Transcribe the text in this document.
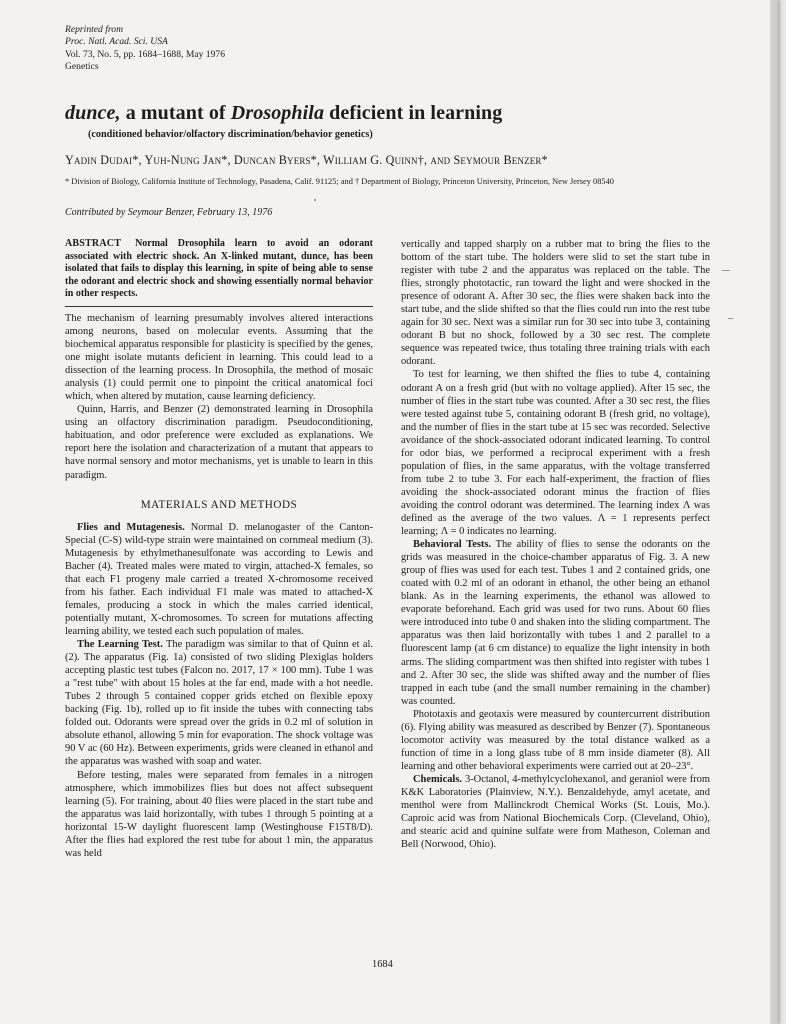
Reprinted from
Proc. Natl. Acad. Sci. USA
Vol. 73, No. 5, pp. 1684–1688, May 1976
Genetics
dunce, a mutant of Drosophila deficient in learning
(conditioned behavior/olfactory discrimination/behavior genetics)
Yadin Dudai*, Yuh-Nung Jan*, Duncan Byers*, William G. Quinn†, and Seymour Benzer*
* Division of Biology, California Institute of Technology, Pasadena, Calif. 91125; and † Department of Biology, Princeton University, Princeton, New Jersey 08540
Contributed by Seymour Benzer, February 13, 1976

ABSTRACT Normal Drosophila learn to avoid an odorant associated with electric shock. An X-linked mutant, dunce, has been isolated that fails to display this learning, in spite of being able to sense the odorant and electric shock and showing essentially normal behavior in other respects.

The mechanism of learning presumably involves altered interactions among neurons, based on molecular events. Assuming that the biochemical apparatus responsible for plasticity is specified by the genes, one might isolate mutants deficient in learning. This could lead to a dissection of the learning process. In Drosophila, the method of mosaic analysis (1) could permit one to pinpoint the critical anatomical foci which, when altered by mutation, cause learning deficiency.

Quinn, Harris, and Benzer (2) demonstrated learning in Drosophila using an olfactory discrimination paradigm. Pseudoconditioning, habituation, and odor preference were excluded as explanations. We report here the isolation and characterization of a mutant that appears to have normal sensory and motor mechanisms, yet is unable to learn in this paradigm.

MATERIALS AND METHODS

Flies and Mutagenesis. Normal D. melanogaster of the Canton-Special (C-S) wild-type strain were maintained on cornmeal medium (3). Mutagenesis by ethylmethanesulfonate was according to Lewis and Bacher (4). Treated males were mated to virgin, attached-X females, so that each F1 progeny male carried a treated X-chromosome received from his father. Each individual F1 male was mated to attached-X females, producing a stock in which the males carried identical, potentially mutant, X-chromosomes. To screen for mutations affecting learning ability, we tested each such population of males.

The Learning Test. The paradigm was similar to that of Quinn et al. (2). The apparatus (Fig. 1a) consisted of two sliding Plexiglas holders accepting plastic test tubes (Falcon no. 2017, 17 × 100 mm). Tube 1 was a "rest tube" with about 15 holes at the far end, made with a hot needle. Tubes 2 through 5 contained copper grids etched on flexible epoxy backing (Fig. 1b), rolled up to fit inside the tubes with connecting tabs folded out. Odorants were spread over the grids in 0.2 ml of solution in absolute ethanol, allowing 5 min for evaporation. The shock voltage was 90 V ac (60 Hz). Between experiments, grids were cleaned in ethanol and the apparatus was washed with soap and water.

Before testing, males were separated from females in a nitrogen atmosphere, which immobilizes flies but does not affect subsequent learning (5). For training, about 40 flies were placed in the start tube and the apparatus was laid horizontally, with tubes 1 through 5 pointing at a horizontal 15-W daylight fluorescent lamp (Westinghouse F15T8/D). After the flies had explored the rest tube for about 1 min, the apparatus was held

vertically and tapped sharply on a rubber mat to bring the flies to the bottom of the start tube. The holders were slid to set the start tube in register with tube 2 and the apparatus was replaced on the table. The flies, strongly phototactic, ran toward the light and were shocked in the presence of odorant A. After 30 sec, the flies were shaken back into the start tube, and the slide shifted so that the flies could run into the rest tube again for 30 sec. Next was a similar run for 30 sec into tube 3, containing odorant B but no shock, followed by a 30 sec rest. The complete sequence was repeated twice, thus totaling three training trials with each odorant.

To test for learning, we then shifted the flies to tube 4, containing odorant A on a fresh grid (but with no voltage applied). After 15 sec, the number of flies in the start tube was counted. After a 30 sec rest, the flies were tested against tube 5, containing odorant B (fresh grid, no voltage), and the number of flies in the start tube at 15 sec was recorded. Selective avoidance of the shock-associated odorant indicated learning. To control for odor bias, we performed a reciprocal experiment with a fresh population of flies, in the same apparatus, with the voltage transferred from tube 2 to tube 3. For each half-experiment, the fraction of flies avoiding the shock-associated odorant minus the fraction of flies avoiding the control odorant was determined. The learning index Λ was defined as the average of the two values. Λ = 1 represents perfect learning; Λ = 0 indicates no learning.

Behavioral Tests. The ability of flies to sense the odorants on the grids was measured in the choice-chamber apparatus of Fig. 3. A new group of flies was used for each test. Tubes 1 and 2 contained grids, one coated with 0.2 ml of an odorant in ethanol, the other being an ethanol blank. As in the learning experiments, the ethanol was allowed to evaporate beforehand. Each grid was used for two runs. About 60 flies were introduced into tube 0 and shaken into the sliding compartment. The apparatus was then laid horizontally with tubes 1 and 2 parallel to a fluorescent lamp (at 6 cm distance) to equalize the light intensity in both arms. The sliding compartment was then shifted into register with tubes 1 and 2. After 30 sec, the slide was shifted away and the number of flies trapped in each tube (and the small number remaining in the chamber) was counted.

Phototaxis and geotaxis were measured by countercurrent distribution (6). Flying ability was measured as described by Benzer (7). Spontaneous locomotor activity was measured by the total distance walked as a function of time in a long glass tube of 8 mm inside diameter (8). All learning and other behavioral experiments were carried out at 20–23°.

Chemicals. 3-Octanol, 4-methylcyclohexanol, and geraniol were from K&K Laboratories (Plainview, N.Y.). Benzaldehyde, amyl acetate, and menthol were from Mallinckrodt Chemical Works (St. Louis, Mo.). Caproic acid was from National Biochemicals Corp. (Cleveland, Ohio), and stearic acid and quinine sulfate were from Matheson, Coleman and Bell (Norwood, Ohio).

1684
